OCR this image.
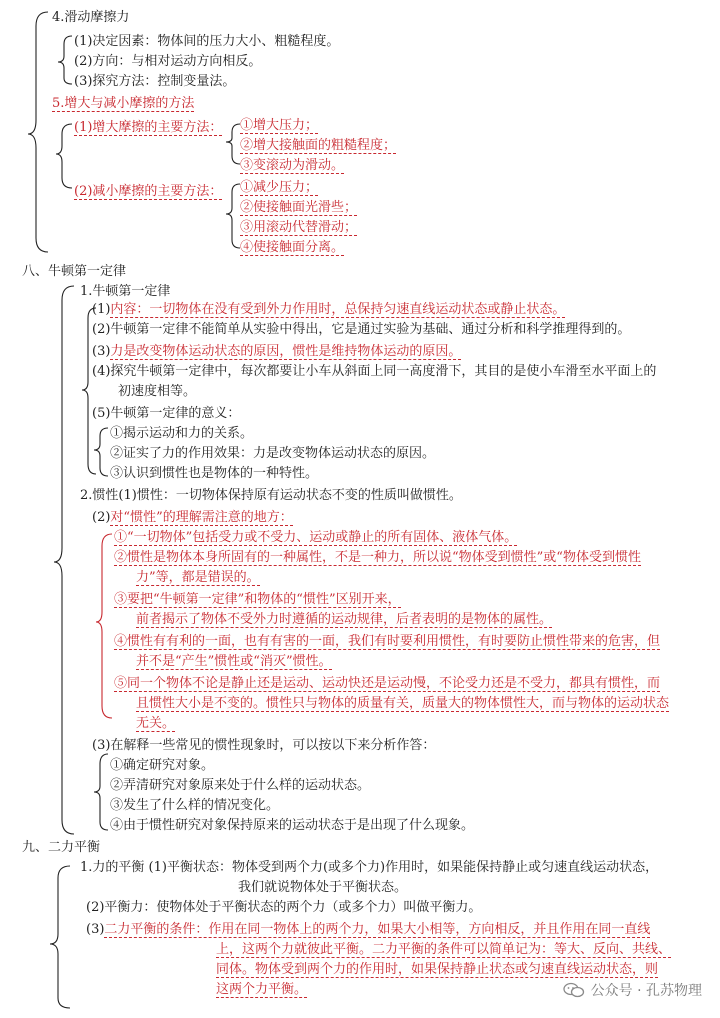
4.滑动摩擦力
(1)决定因素：物体间的压力大小、粗糙程度。
(2)方向：与相对运动方向相反。
(3)探究方法：控制变量法。
5.增大与减小摩擦的方法
(1)增大摩擦的主要方法： ①增大压力；
②增大接触面的粗糙程度；
③变滚动为滑动。
(2)减小摩擦的主要方法： ①减少压力；
②使接触面光滑些；
③用滚动代替滑动；
④使接触面分离。
八、牛顿第一定律
1.牛顿第一定律
(1)内容：一切物体在没有受到外力作用时，总保持匀速直线运动状态或静止状态。
(2)牛顿第一定律不能简单从实验中得出，它是通过实验为基础、通过分析和科学推理得到的。
(3)力是改变物体运动状态的原因，惯性是维持物体运动的原因。
(4)探究牛顿第一定律中，每次都要让小车从斜面上同一高度滑下，其目的是使小车滑至水平面上的
初速度相等。
(5)牛顿第一定律的意义：
①揭示运动和力的关系。
②证实了力的作用效果：力是改变物体运动状态的原因。
③认识到惯性也是物体的一种特性。
2.惯性(1)惯性：一切物体保持原有运动状态不变的性质叫做惯性。
(2)对“惯性”的理解需注意的地方：
①“一切物体”包括受力或不受力、运动或静止的所有固体、液体气体。
②惯性是物体本身所固有的一种属性，不是一种力，所以说“物体受到惯性”或“物体受到惯性
力”等，都是错误的。
③要把“牛顿第一定律”和物体的“惯性”区别开来，
前者揭示了物体不受外力时遵循的运动规律，后者表明的是物体的属性。
④惯性有有利的一面，也有有害的一面，我们有时要利用惯性，有时要防止惯性带来的危害，但
并不是“产生”惯性或“消灭”惯性。
⑤同一个物体不论是静止还是运动、运动快还是运动慢，不论受力还是不受力，都具有惯性，而
且惯性大小是不变的。惯性只与物体的质量有关，质量大的物体惯性大，而与物体的运动状态
无关。
(3)在解释一些常见的惯性现象时，可以按以下来分析作答：
①确定研究对象。
②弄清研究对象原来处于什么样的运动状态。
③发生了什么样的情况变化。
④由于惯性研究对象保持原来的运动状态于是出现了什么现象。
九、二力平衡
1.力的平衡 (1)平衡状态：物体受到两个力(或多个力)作用时，如果能保持静止或匀速直线运动状态，
我们就说物体处于平衡状态。
(2)平衡力：使物体处于平衡状态的两个力（或多个力）叫做平衡力。
(3)二力平衡的条件：作用在同一物体上的两个力，如果大小相等，方向相反，并且作用在同一直线
上，这两个力就彼此平衡。二力平衡的条件可以简单记为：等大、反向、共线、
同体。物体受到两个力的作用时，如果保持静止状态或匀速直线运动状态，则
这两个力平衡。	公众号 · 孔苏物理
